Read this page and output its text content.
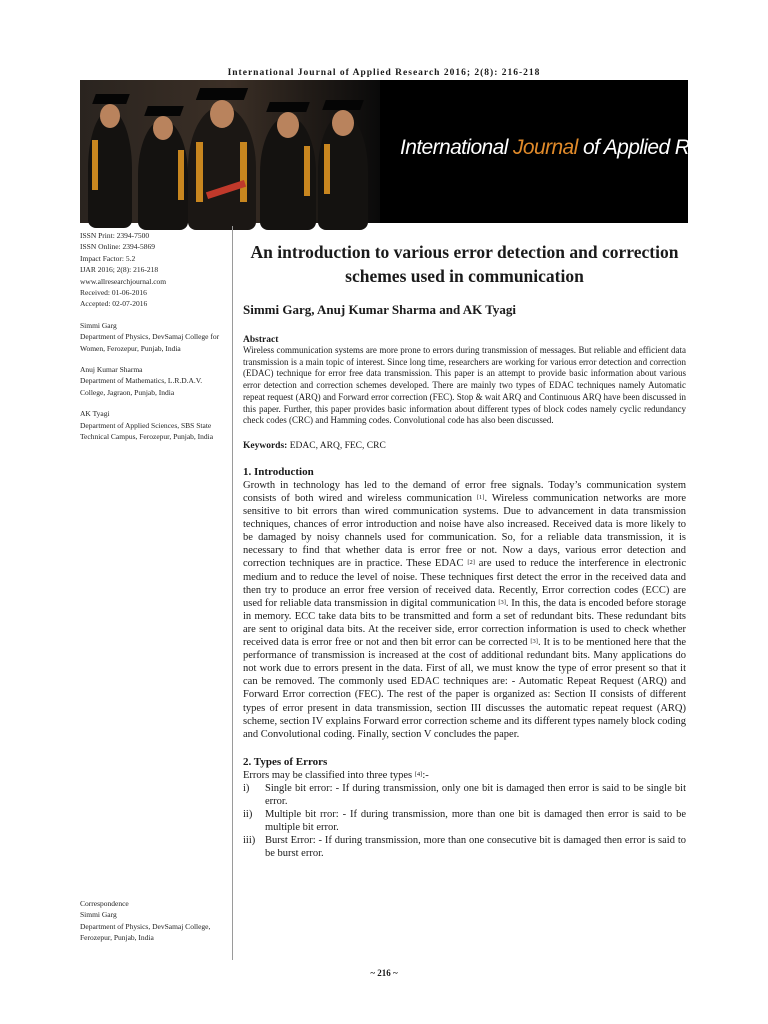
International Journal of Applied Research 2016; 2(8): 216-218
International Journal of Applied Research
ISSN Print: 2394-7500
ISSN Online: 2394-5869
Impact Factor: 5.2
IJAR 2016; 2(8): 216-218
www.allresearchjournal.com
Received: 01-06-2016
Accepted: 02-07-2016
Simmi Garg
Department of Physics, DevSamaj College for Women, Ferozepur, Punjab, India
Anuj Kumar Sharma
Department of Mathematics, L.R.D.A.V. College, Jagraon, Punjab, India
AK Tyagi
Department of Applied Sciences, SBS State Technical Campus, Ferozepur, Punjab, India
Correspondence
Simmi Garg
Department of Physics, DevSamaj College, Ferozepur, Punjab, India
An introduction to various error detection and correction schemes used in communication
Simmi Garg, Anuj Kumar Sharma and AK Tyagi
Abstract

Wireless communication systems are more prone to errors during transmission of messages. But reliable and efficient data transmission is a main topic of interest. Since long time, researchers are working for various error detection and correction (EDAC) technique for error free data transmission. This paper is an attempt to provide basic information about various error detection and correction schemes developed. There are mainly two types of EDAC techniques namely Automatic repeat request (ARQ) and Forward error correction (FEC). Stop & wait ARQ and Continuous ARQ have been discussed in this paper. Further, this paper provides basic information about different types of block codes namely cyclic redundancy check codes (CRC) and Hamming codes. Convolutional code has also been discussed.

Keywords: EDAC, ARQ, FEC, CRC
1. Introduction

Growth in technology has led to the demand of error free signals. Today’s communication system consists of both wired and wireless communication [1]. Wireless communication networks are more sensitive to bit errors than wired communication systems. Due to advancement in data transmission techniques, chances of error introduction and noise have also increased. Received data is more likely to be damaged by noisy channels used for communication. So, for a reliable data transmission, it is necessary to find that whether data is error free or not. Now a days, various error detection and correction techniques are in practice. These EDAC [2] are used to reduce the interference in electronic medium and to reduce the level of noise. These techniques first detect the error in the received data and then try to produce an error free version of received data. Recently, Error correction codes (ECC) are used for reliable data transmission in digital communication [3]. In this, the data is encoded before storage in memory. ECC take data bits to be transmitted and form a set of redundant bits. These redundant bits are sent to original data bits. At the receiver side, error correction information is used to check whether received data is error free or not and then bit error can be corrected [3]. It is to be mentioned here that the performance of transmission is increased at the cost of additional redundant bits. Many applications do not work due to errors present in the data. First of all, we must know the type of error present so that it can be removed. The commonly used EDAC techniques are: - Automatic Repeat Request (ARQ) and Forward Error correction (FEC). The rest of the paper is organized as: Section II consists of different types of error present in data transmission, section III discusses the automatic repeat request (ARQ) scheme, section IV explains Forward error correction scheme and its different types namely block coding and Convolutional coding. Finally, section V concludes the paper.

2. Types of Errors

Errors may be classified into three types [4]:-

i) Single bit error: - If during transmission, only one bit is damaged then error is said to be single bit error.
ii) Multiple bit rror: - If during transmission, more than one bit is damaged then error is said to be multiple bit error.
iii) Burst Error: - If during transmission, more than one consecutive bit is damaged then error is said to be burst error.
~ 216 ~
